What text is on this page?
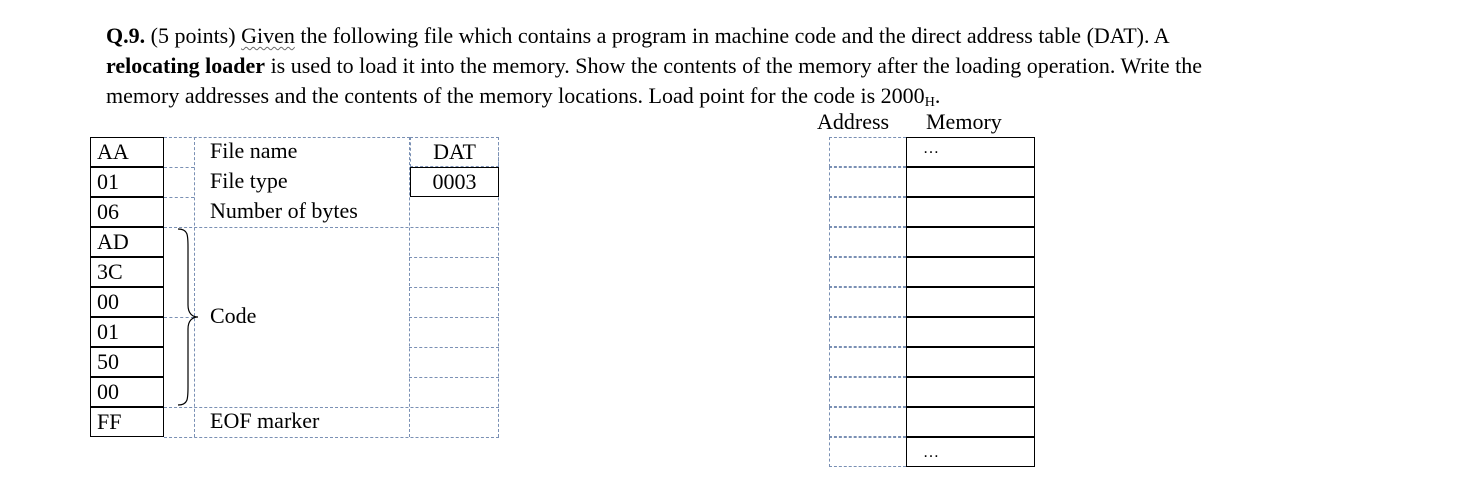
Q.9. (5 points) Given the following file which contains a program in machine code and the direct address table (DAT). A

relocating loader is used to load it into the memory. Show the contents of the memory after the loading operation. Write the

memory addresses and the contents of the memory locations. Load point for the code is $2000_H$.

Address Memory
AA
01
06
AD
3C
00
01
50
00
FF
File name
File type
Number of bytes
Code
EOF marker
DAT
0003
…
…
